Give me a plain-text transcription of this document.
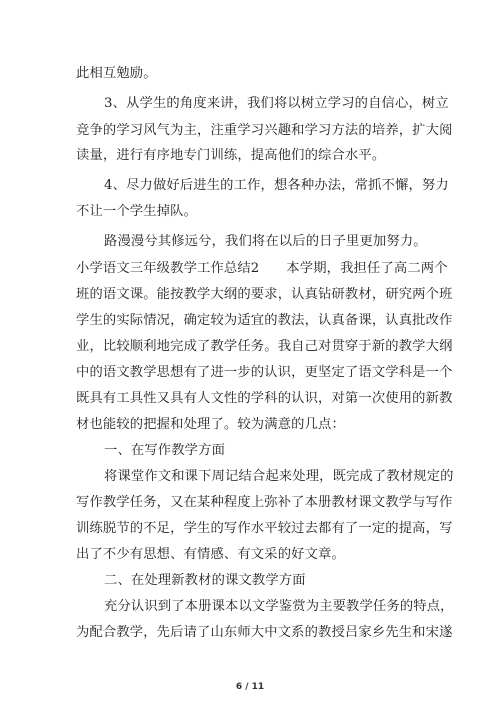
此相互勉励。
3、从学生的角度来讲，我们将以树立学习的自信心，树立
竞争的学习风气为主，注重学习兴趣和学习方法的培养，扩大阅
读量，进行有序地专门训练，提高他们的综合水平。
4、尽力做好后进生的工作，想各种办法，常抓不懈，努力
不让一个学生掉队。
路漫漫兮其修远兮，我们将在以后的日子里更加努力。
小学语文三年级教学工作总结2　　本学期，我担任了高二两个
班的语文课。能按教学大纲的要求，认真钻研教材，研究两个班
学生的实际情况，确定较为适宜的教法，认真备课，认真批改作
业，比较顺利地完成了教学任务。我自己对贯穿于新的教学大纲
中的语文教学思想有了进一步的认识，更坚定了语文学科是一个
既具有工具性又具有人文性的学科的认识，对第一次使用的新教
材也能较的把握和处理了。较为满意的几点：
一、在写作教学方面
将课堂作文和课下周记结合起来处理，既完成了教材规定的
写作教学任务，又在某种程度上弥补了本册教材课文教学与写作
训练脱节的不足，学生的写作水平较过去都有了一定的提高，写
出了不少有思想、有情感、有文采的好文章。
二、在处理新教材的课文教学方面
充分认识到了本册课本以文学鉴赏为主要教学任务的特点，
为配合教学，先后请了山东师大中文系的教授吕家乡先生和宋遂
6 / 11
